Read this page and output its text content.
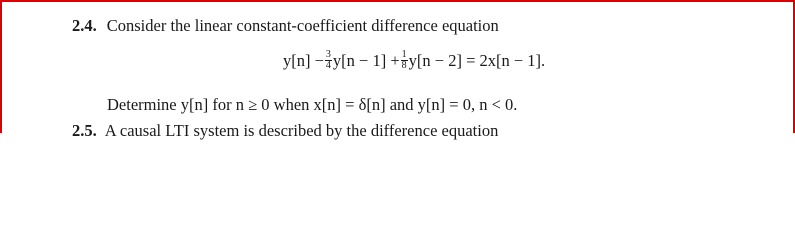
2.4. Consider the linear constant-coefficient difference equation
$y[n] - \frac{3}{4} y[n - 1] + \frac{1}{8} y[n - 2] = 2x[n - 1]$.
Determine y[n] for n ≥ 0 when x[n] = δ[n] and y[n] = 0, n < 0.
2.5. A causal LTI system is described by the difference equation
